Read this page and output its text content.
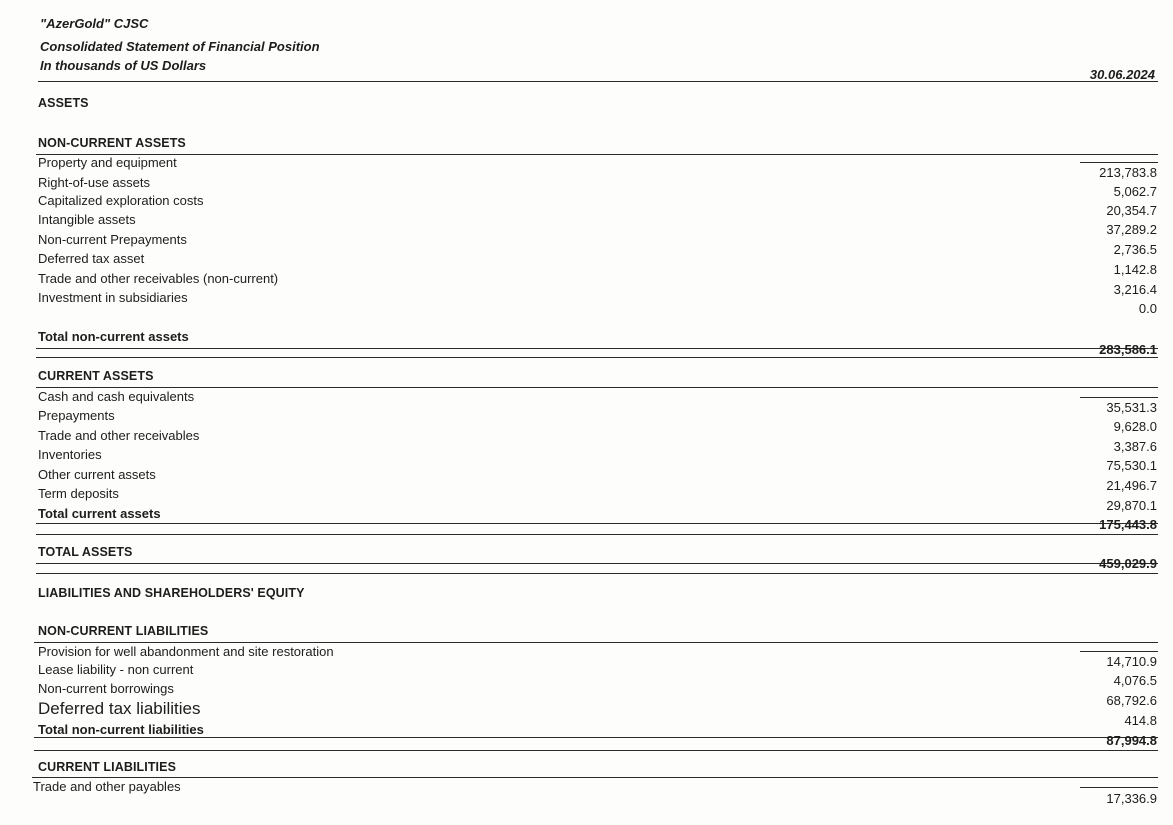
"AzerGold" CJSC
Consolidated Statement of Financial Position
In thousands of US Dollars
30.06.2024
ASSETS
NON-CURRENT ASSETS
Property and equipment
Right-of-use assets
Capitalized exploration costs
Intangible assets
Non-current Prepayments
Deferred tax asset
Trade and other receivables (non-current)
Investment in subsidiaries
213,783.8
5,062.7
20,354.7
37,289.2
2,736.5
1,142.8
3,216.4
0.0
Total non-current assets
283,586.1
CURRENT ASSETS
Cash and cash equivalents
Prepayments
Trade and other receivables
Inventories
Other current assets
Term deposits
35,531.3
9,628.0
3,387.6
75,530.1
21,496.7
29,870.1
Total current assets
175,443.8
TOTAL ASSETS
459,029.9
LIABILITIES AND SHAREHOLDERS' EQUITY
NON-CURRENT LIABILITIES
Provision for well abandonment and site restoration
Lease liability - non current
Non-current borrowings
Deferred tax liabilities
14,710.9
4,076.5
68,792.6
414.8
Total non-current liabilities
87,994.8
CURRENT LIABILITIES
Trade and other payables
17,336.9
